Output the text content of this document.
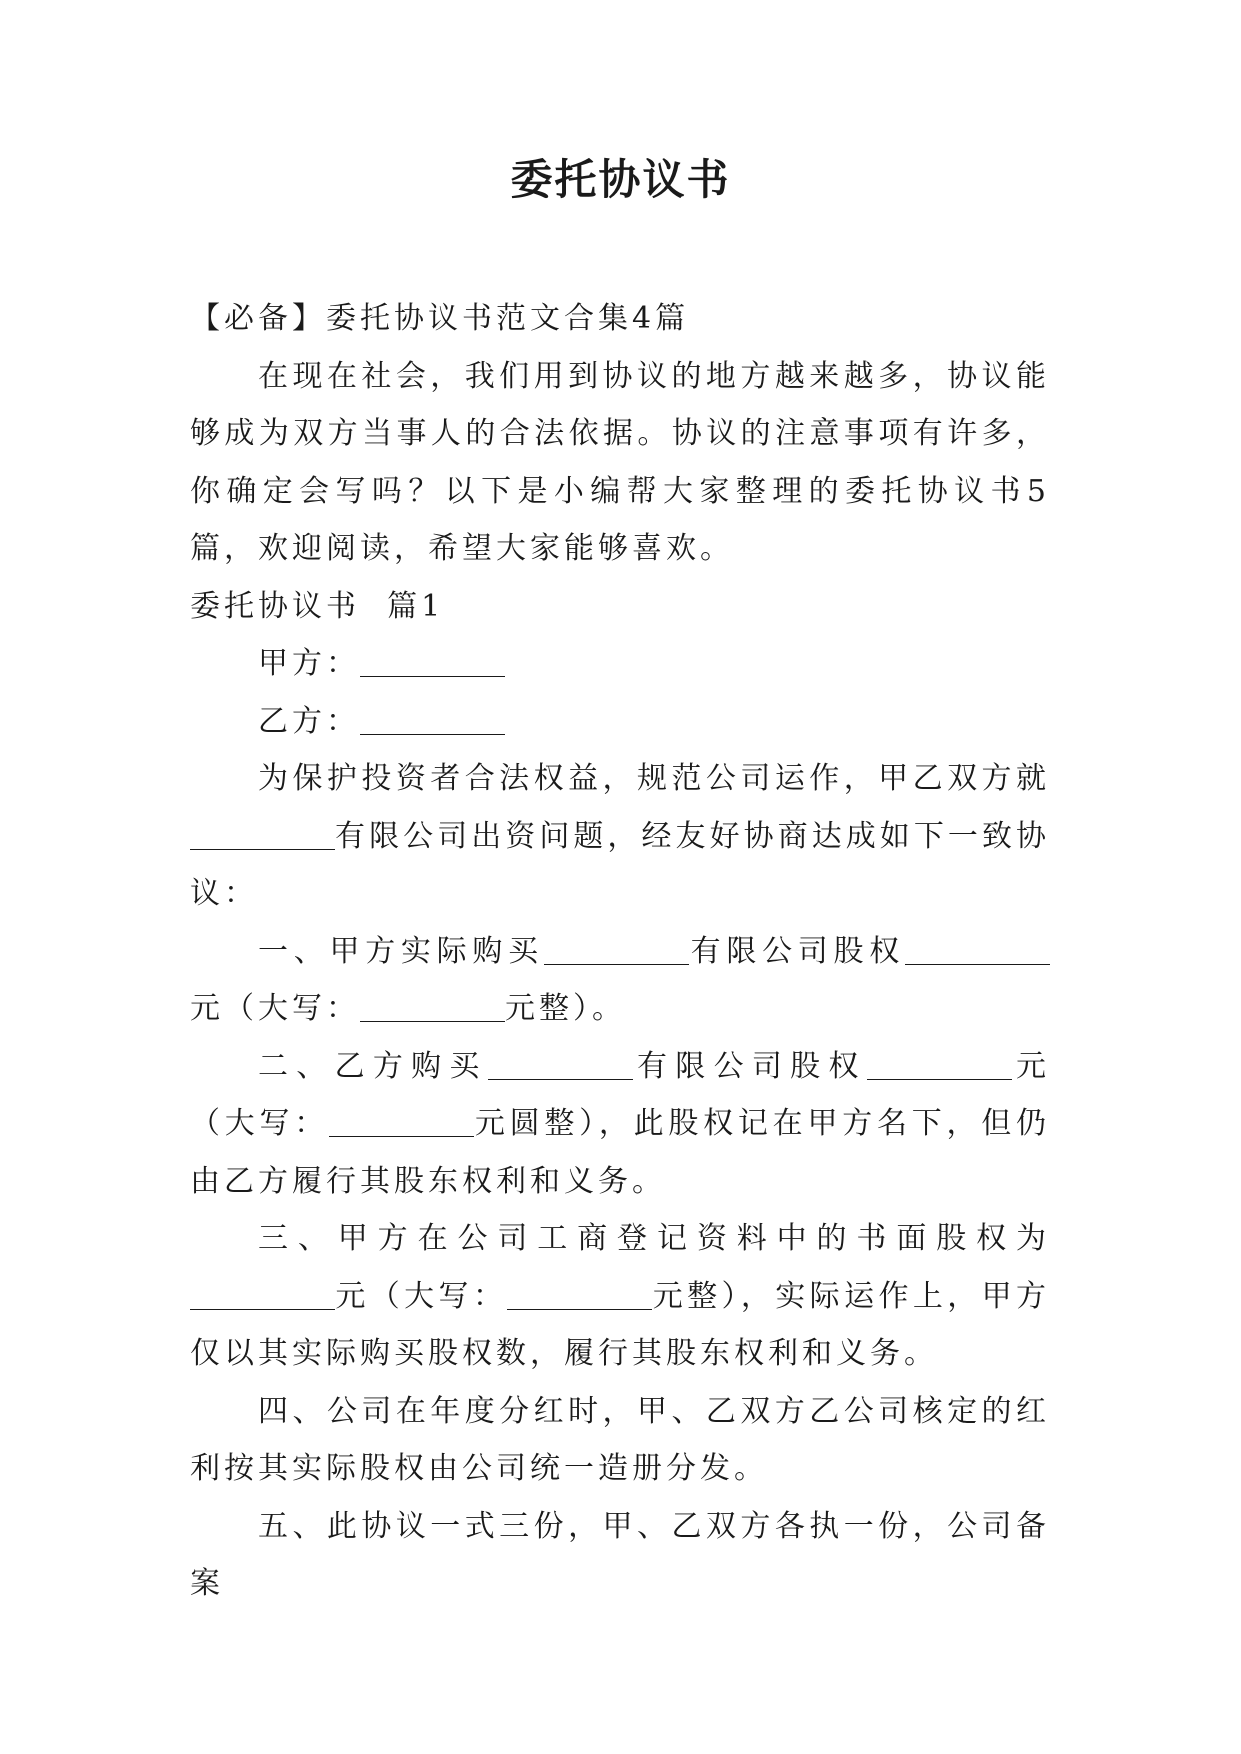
委托协议书

【必备】委托协议书范文合集4篇

在现在社会，我们用到协议的地方越来越多，协议能够成为双方当事人的合法依据。协议的注意事项有许多，你确定会写吗？以下是小编帮大家整理的委托协议书5篇，欢迎阅读，希望大家能够喜欢。

委托协议书  篇1

甲方：

乙方：

为保护投资者合法权益，规范公司运作，甲乙双方就有限公司出资问题，经友好协商达成如下一致协议：

一、甲方实际购买	有限公司股权元（大写：	元整）。

二、乙方购买	有限公司股权	元（大写：	元圆整），此股权记在甲方名下，但仍由乙方履行其股东权利和义务。

三、甲方在公司工商登记资料中的书面股权为元（大写：	元整），实际运作上，甲方仅以其实际购买股权数，履行其股东权利和义务。

四、公司在年度分红时，甲、乙双方乙公司核定的红利按其实际股权由公司统一造册分发。

五、此协议一式三份，甲、乙双方各执一份，公司备案
